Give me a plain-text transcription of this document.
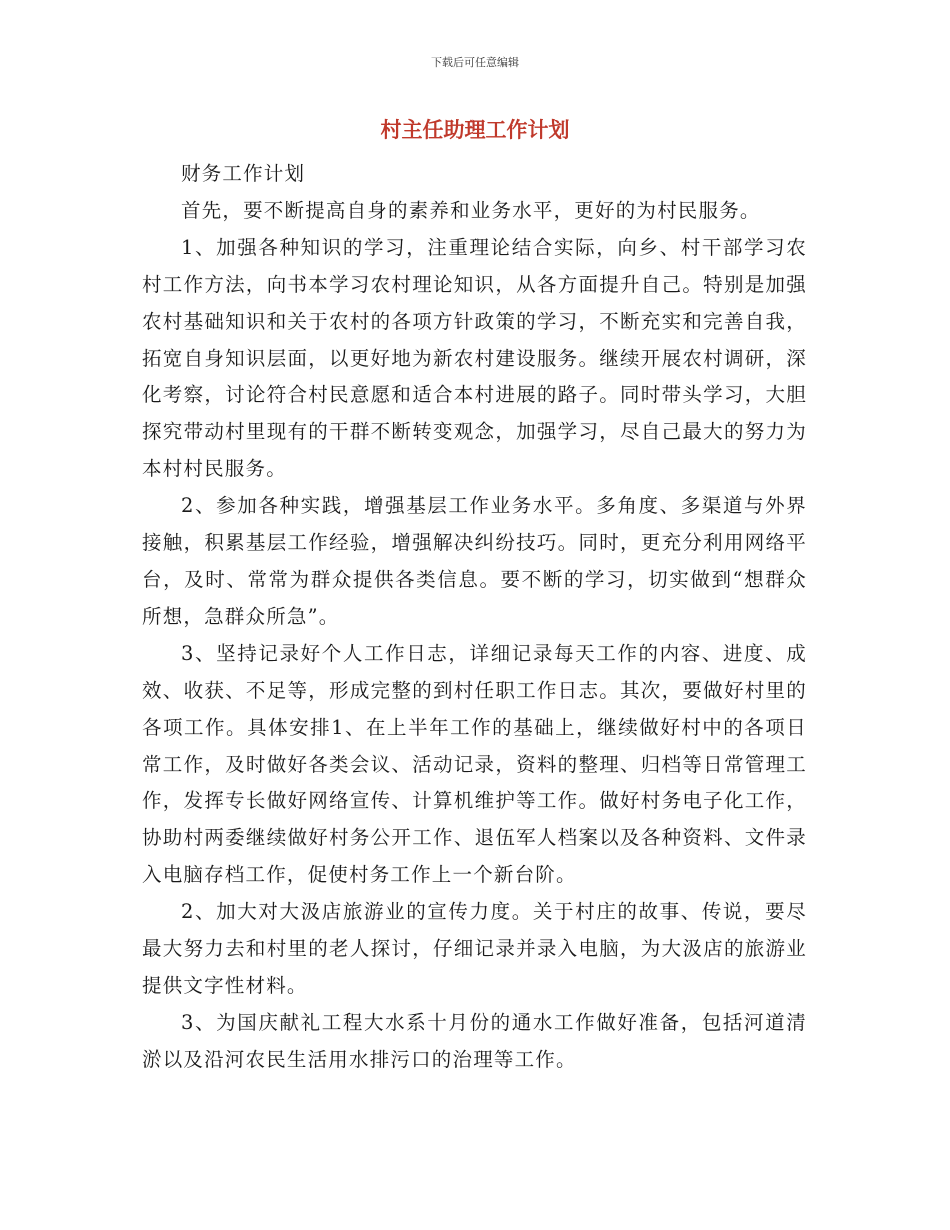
下载后可任意编辑
村主任助理工作计划

财务工作计划

首先，要不断提高自身的素养和业务水平，更好的为村民服务。

1、加强各种知识的学习，注重理论结合实际，向乡、村干部学习农村工作方法，向书本学习农村理论知识，从各方面提升自己。特别是加强农村基础知识和关于农村的各项方针政策的学习，不断充实和完善自我，拓宽自身知识层面，以更好地为新农村建设服务。继续开展农村调研，深化考察，讨论符合村民意愿和适合本村进展的路子。同时带头学习，大胆探究带动村里现有的干群不断转变观念，加强学习，尽自己最大的努力为本村村民服务。

2、参加各种实践，增强基层工作业务水平。多角度、多渠道与外界接触，积累基层工作经验，增强解决纠纷技巧。同时，更充分利用网络平台，及时、常常为群众提供各类信息。要不断的学习，切实做到“想群众所想，急群众所急”。

3、坚持记录好个人工作日志，详细记录每天工作的内容、进度、成效、收获、不足等，形成完整的到村任职工作日志。其次，要做好村里的各项工作。具体安排1、在上半年工作的基础上，继续做好村中的各项日常工作，及时做好各类会议、活动记录，资料的整理、归档等日常管理工作，发挥专长做好网络宣传、计算机维护等工作。做好村务电子化工作，协助村两委继续做好村务公开工作、退伍军人档案以及各种资料、文件录入电脑存档工作，促使村务工作上一个新台阶。

2、加大对大汲店旅游业的宣传力度。关于村庄的故事、传说，要尽最大努力去和村里的老人探讨，仔细记录并录入电脑，为大汲店的旅游业提供文字性材料。

3、为国庆献礼工程大水系十月份的通水工作做好准备，包括河道清淤以及沿河农民生活用水排污口的治理等工作。
